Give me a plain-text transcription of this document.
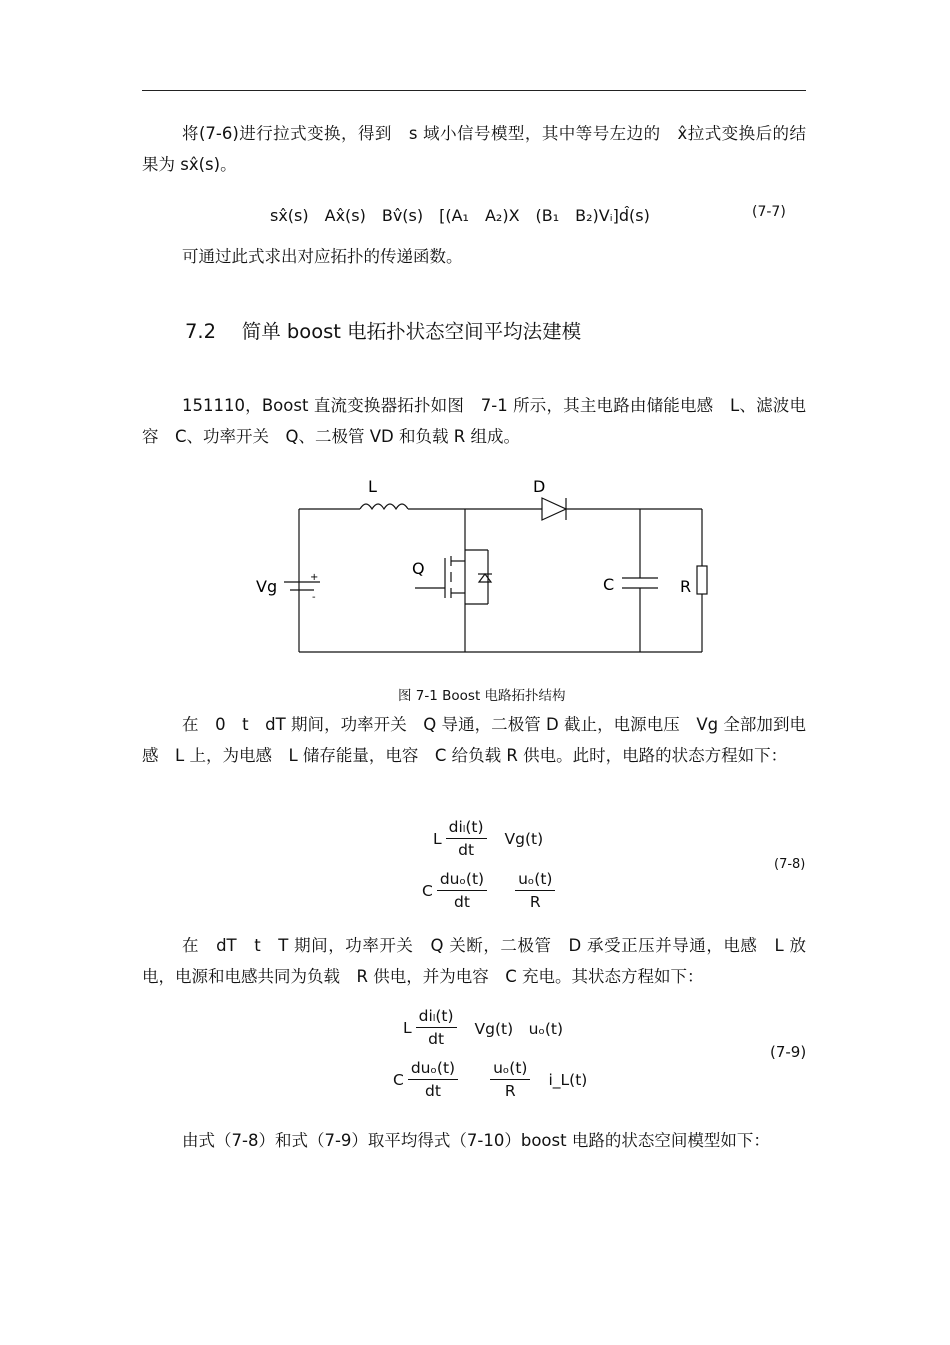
将(7-6)进行拉式变换，得到　s 域小信号模型，其中等号左边的　x̂拉式变换后的结果为 sx̂(s)。
sx̂(s)　Ax̂(s)　Bv̂(s)　[(A₁　A₂)X　(B₁　B₂)Vᵢ]d̂(s)	(7-7)
可通过此式求出对应拓扑的传递函数。
7.2　 简单 boost 电拓扑状态空间平均法建模
151110，Boost 直流变换器拓扑如图　7-1 所示，其主电路由储能电感　L、滤波电容　C、功率开关　Q、二极管 VD 和负载 R 组成。
L	D
Q
Vg	+
-
C	R
图 7-1 Boost 电路拓扑结构
在　0　t　dT 期间，功率开关　Q 导通，二极管 D 截止，电源电压　Vg 全部加到电感　L 上，为电感　L 储存能量，电容　C 给负载 R 供电。此时，电路的状态方程如下：
L $\frac{\text{diₗ(t)}}{dt} Vg(t)$
C $\frac{\text{duₒ(t)}}{dt} \frac{\text{uₒ(t)}}{R}$
(7-8)
在　dT　t　T 期间，功率开关　Q 关断，二极管　D 承受正压并导通，电感　L 放电，电源和电感共同为负载　R 供电，并为电容　C 充电。其状态方程如下：
L $\frac{\text{diₗ(t)}}{dt} Vg(t)$　uₒ(t)
C $\frac{\text{duₒ(t)}}{dt} \frac{\text{uₒ(t)}}{R}$ i_L(t)
(7-9)
由式（7-8）和式（7-9）取平均得式（7-10）boost 电路的状态空间模型如下：
